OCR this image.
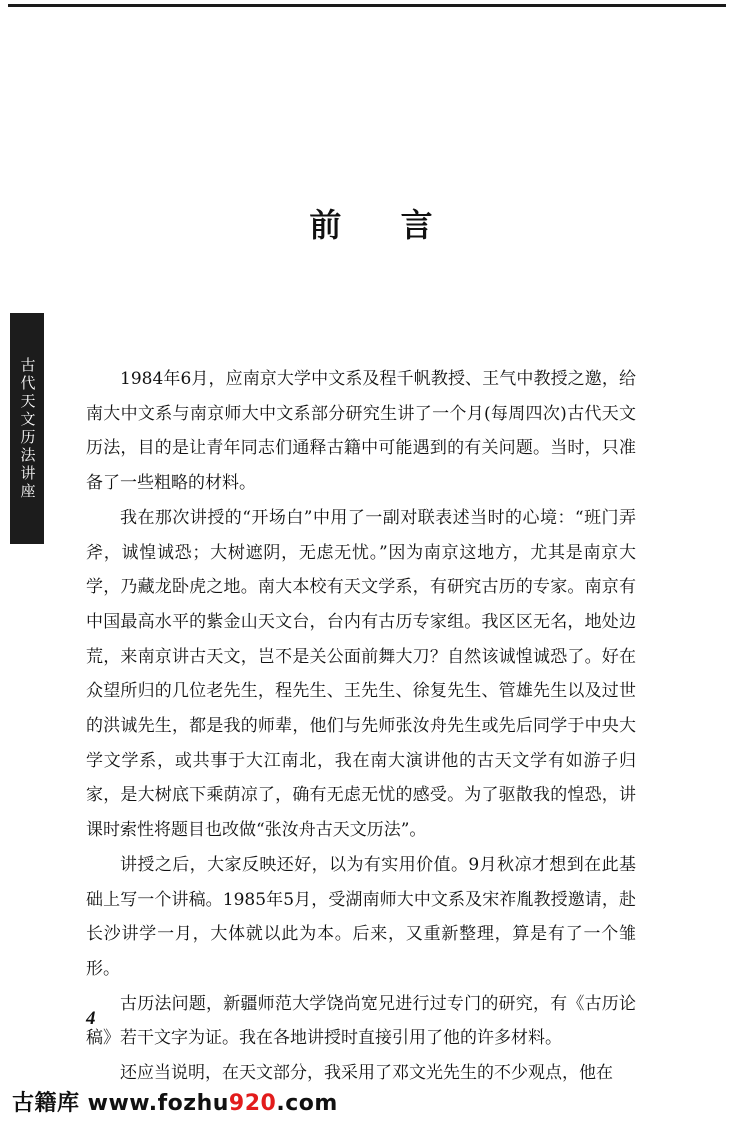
前 言
古代天文历法讲座	1984年6月，应南京大学中文系及程千帆教授、王气中教授之邀，给南大中文系与南京师大中文系部分研究生讲了一个月(每周四次)古代天文历法，目的是让青年同志们通释古籍中可能遇到的有关问题。当时，只准备了一些粗略的材料。

我在那次讲授的“开场白”中用了一副对联表述当时的心境：“班门弄斧，诚惶诚恐；大树遮阴，无虑无忧。”因为南京这地方，尤其是南京大学，乃藏龙卧虎之地。南大本校有天文学系，有研究古历的专家。南京有中国最高水平的紫金山天文台，台内有古历专家组。我区区无名，地处边荒，来南京讲古天文，岂不是关公面前舞大刀？自然该诚惶诚恐了。好在众望所归的几位老先生，程先生、王先生、徐复先生、管雄先生以及过世的洪诚先生，都是我的师辈，他们与先师张汝舟先生或先后同学于中央大学文学系，或共事于大江南北，我在南大演讲他的古天文学有如游子归家，是大树底下乘荫凉了，确有无虑无忧的感受。为了驱散我的惶恐，讲课时索性将题目也改做“张汝舟古天文历法”。

讲授之后，大家反映还好，以为有实用价值。9月秋凉才想到在此基础上写一个讲稿。1985年5月，受湖南师大中文系及宋祚胤教授邀请，赴长沙讲学一月，大体就以此为本。后来，又重新整理，算是有了一个雏形。

古历法问题，新疆师范大学饶尚宽兄进行过专门的研究，有《古历论稿》若干文字为证。我在各地讲授时直接引用了他的许多材料。

还应当说明，在天文部分，我采用了邓文光先生的不少观点，他在

4
古籍库 www.fozhu920.com
